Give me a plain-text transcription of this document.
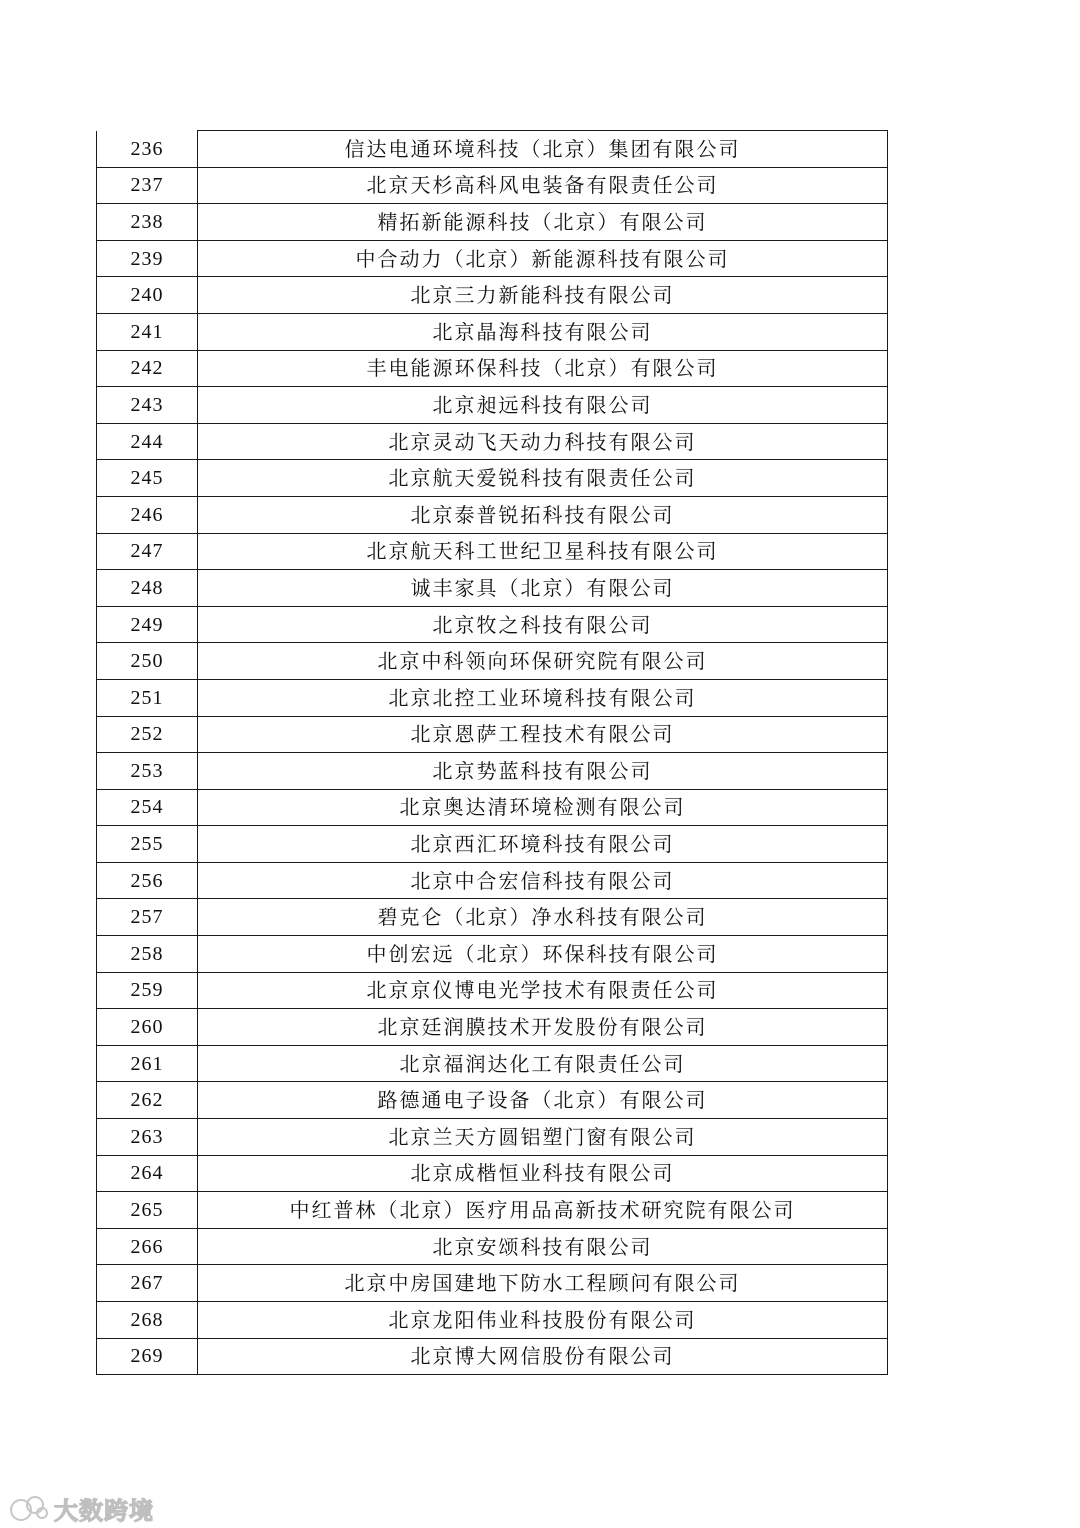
236	信达电通环境科技（北京）集团有限公司
237	北京天杉高科风电装备有限责任公司
238	精拓新能源科技（北京）有限公司
239	中合动力（北京）新能源科技有限公司
240	北京三力新能科技有限公司
241	北京晶海科技有限公司
242	丰电能源环保科技（北京）有限公司
243	北京昶远科技有限公司
244	北京灵动飞天动力科技有限公司
245	北京航天爱锐科技有限责任公司
246	北京泰普锐拓科技有限公司
247	北京航天科工世纪卫星科技有限公司
248	诚丰家具（北京）有限公司
249	北京牧之科技有限公司
250	北京中科领向环保研究院有限公司
251	北京北控工业环境科技有限公司
252	北京恩萨工程技术有限公司
253	北京势蓝科技有限公司
254	北京奥达清环境检测有限公司
255	北京西汇环境科技有限公司
256	北京中合宏信科技有限公司
257	碧克仑（北京）净水科技有限公司
258	中创宏远（北京）环保科技有限公司
259	北京京仪博电光学技术有限责任公司
260	北京廷润膜技术开发股份有限公司
261	北京福润达化工有限责任公司
262	路德通电子设备（北京）有限公司
263	北京兰天方圆铝塑门窗有限公司
264	北京成楷恒业科技有限公司
265	中红普林（北京）医疗用品高新技术研究院有限公司
266	北京安颂科技有限公司
267	北京中房国建地下防水工程顾问有限公司
268	北京龙阳伟业科技股份有限公司
269	北京博大网信股份有限公司
大数跨境
